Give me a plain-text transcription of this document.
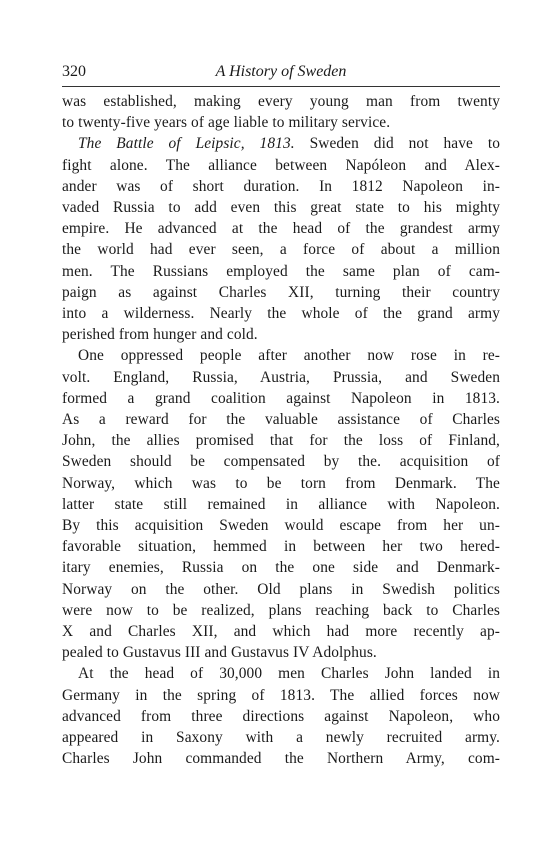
320	A History of Sweden

was established, making every young man from twenty
to twenty-five years of age liable to military service.

The Battle of Leipsic, 1813. Sweden did not have to
fight alone. The alliance between Napóleon and Alex-
ander was of short duration. In 1812 Napoleon in-
vaded Russia to add even this great state to his mighty
empire. He advanced at the head of the grandest army
the world had ever seen, a force of about a million
men. The Russians employed the same plan of cam-
paign as against Charles XII, turning their country
into a wilderness. Nearly the whole of the grand army
perished from hunger and cold.

One oppressed people after another now rose in re-
volt. England, Russia, Austria, Prussia, and Sweden
formed a grand coalition against Napoleon in 1813.
As a reward for the valuable assistance of Charles
John, the allies promised that for the loss of Finland,
Sweden should be compensated by the. acquisition of
Norway, which was to be torn from Denmark. The
latter state still remained in alliance with Napoleon.
By this acquisition Sweden would escape from her un-
favorable situation, hemmed in between her two hered-
itary enemies, Russia on the one side and Denmark-
Norway on the other. Old plans in Swedish politics
were now to be realized, plans reaching back to Charles
X and Charles XII, and which had more recently ap-
pealed to Gustavus III and Gustavus IV Adolphus.

At the head of 30,000 men Charles John landed in
Germany in the spring of 1813. The allied forces now
advanced from three directions against Napoleon, who
appeared in Saxony with a newly recruited army.
Charles John commanded the Northern Army, com-
